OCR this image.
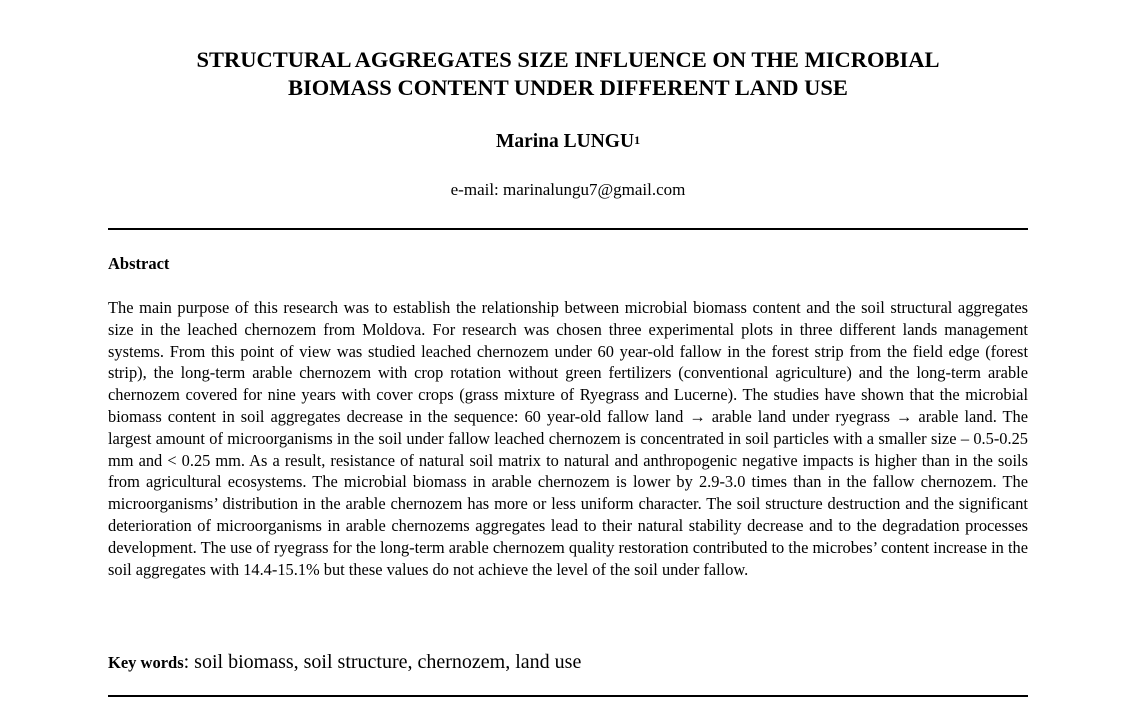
STRUCTURAL AGGREGATES SIZE INFLUENCE ON THE MICROBIAL
BIOMASS CONTENT UNDER DIFFERENT LAND USE
Marina LUNGU$^1$
e-mail: marinalungu7@gmail.com
Abstract

The main purpose of this research was to establish the relationship between microbial biomass content and the soil structural aggregates size in the leached chernozem from Moldova. For research was chosen three experimental plots in three different lands management systems. From this point of view was studied leached chernozem under 60 year-old fallow in the forest strip from the field edge (forest strip), the long-term arable chernozem with crop rotation without green fertilizers (conventional agriculture) and the long-term arable chernozem covered for nine years with cover crops (grass mixture of Ryegrass and Lucerne). The studies have shown that the microbial biomass content in soil aggregates decrease in the sequence: 60 year-old fallow land → arable land under ryegrass → arable land. The largest amount of microorganisms in the soil under fallow leached chernozem is concentrated in soil particles with a smaller size – 0.5-0.25 mm and < 0.25 mm. As a result, resistance of natural soil matrix to natural and anthropogenic negative impacts is higher than in the soils from agricultural ecosystems. The microbial biomass in arable chernozem is lower by 2.9-3.0 times than in the fallow chernozem. The microorganisms’ distribution in the arable chernozem has more or less uniform character. The soil structure destruction and the significant deterioration of microorganisms in arable chernozems aggregates lead to their natural stability decrease and to the degradation processes development. The use of ryegrass for the long-term arable chernozem quality restoration contributed to the microbes’ content increase in the soil aggregates with 14.4-15.1% but these values do not achieve the level of the soil under fallow.

Key words: soil biomass, soil structure, chernozem, land use
